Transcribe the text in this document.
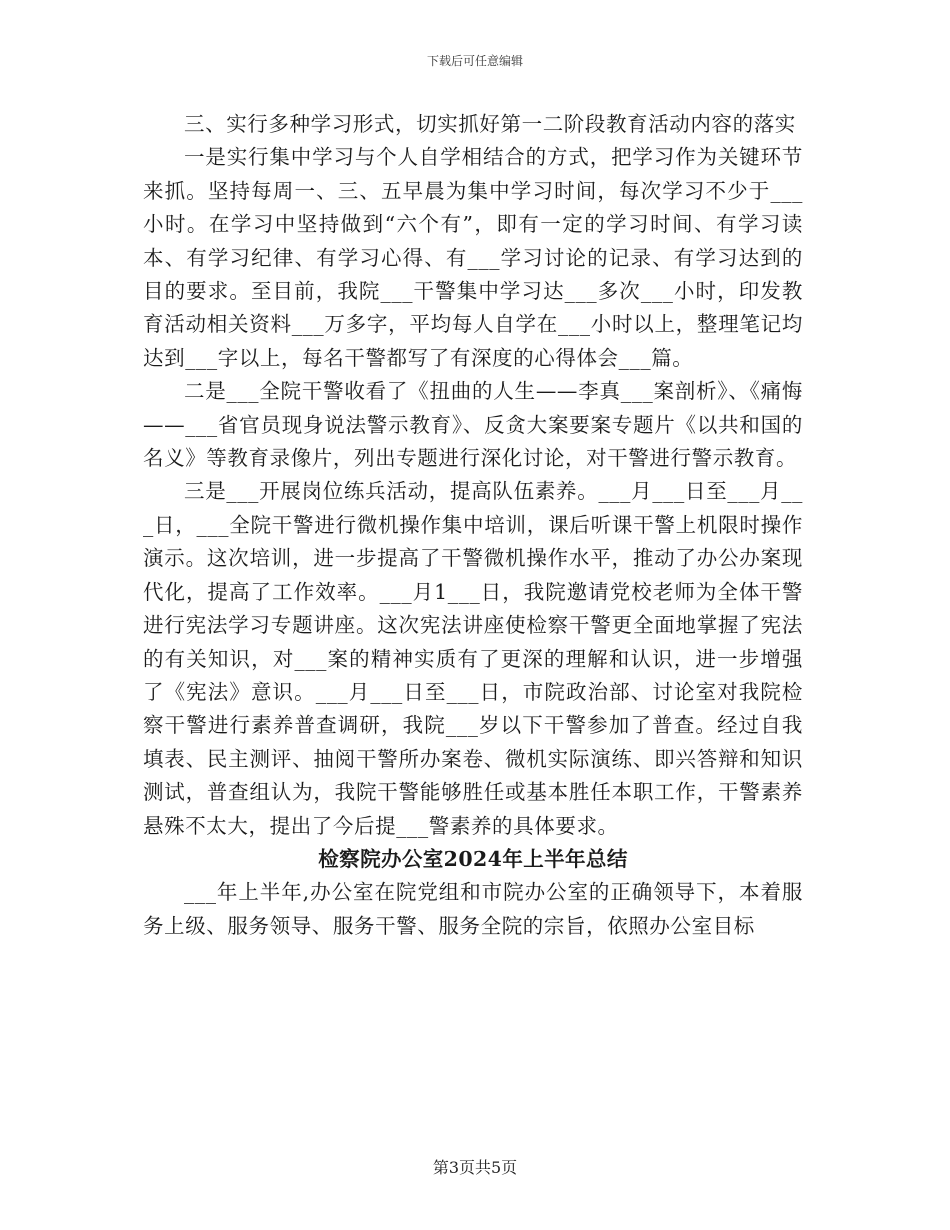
下载后可任意编辑

三、实行多种学习形式，切实抓好第一二阶段教育活动内容的落实

一是实行集中学习与个人自学相结合的方式，把学习作为关键环节来抓。坚持每周一、三、五早晨为集中学习时间，每次学习不少于___小时。在学习中坚持做到“六个有”，即有一定的学习时间、有学习读本、有学习纪律、有学习心得、有___学习讨论的记录、有学习达到的目的要求。至目前，我院___干警集中学习达___多次___小时，印发教育活动相关资料___万多字，平均每人自学在___小时以上，整理笔记均达到___字以上，每名干警都写了有深度的心得体会___篇。

二是___全院干警收看了《扭曲的人生——李真___案剖析》、《痛悔——___省官员现身说法警示教育》、反贪大案要案专题片《以共和国的名义》等教育录像片，列出专题进行深化讨论，对干警进行警示教育。

三是___开展岗位练兵活动，提高队伍素养。___月___日至___月___日，___全院干警进行微机操作集中培训，课后听课干警上机限时操作演示。这次培训，进一步提高了干警微机操作水平，推动了办公办案现代化，提高了工作效率。___月1___日，我院邀请党校老师为全体干警进行宪法学习专题讲座。这次宪法讲座使检察干警更全面地掌握了宪法的有关知识，对___案的精神实质有了更深的理解和认识，进一步增强了《宪法》意识。___月___日至___日，市院政治部、讨论室对我院检察干警进行素养普查调研，我院___岁以下干警参加了普查。经过自我填表、民主测评、抽阅干警所办案卷、微机实际演练、即兴答辩和知识测试，普查组认为，我院干警能够胜任或基本胜任本职工作，干警素养悬殊不太大，提出了今后提___警素养的具体要求。

检察院办公室2024年上半年总结

___年上半年,办公室在院党组和市院办公室的正确领导下，本着服务上级、服务领导、服务干警、服务全院的宗旨，依照办公室目标

第3页共5页
